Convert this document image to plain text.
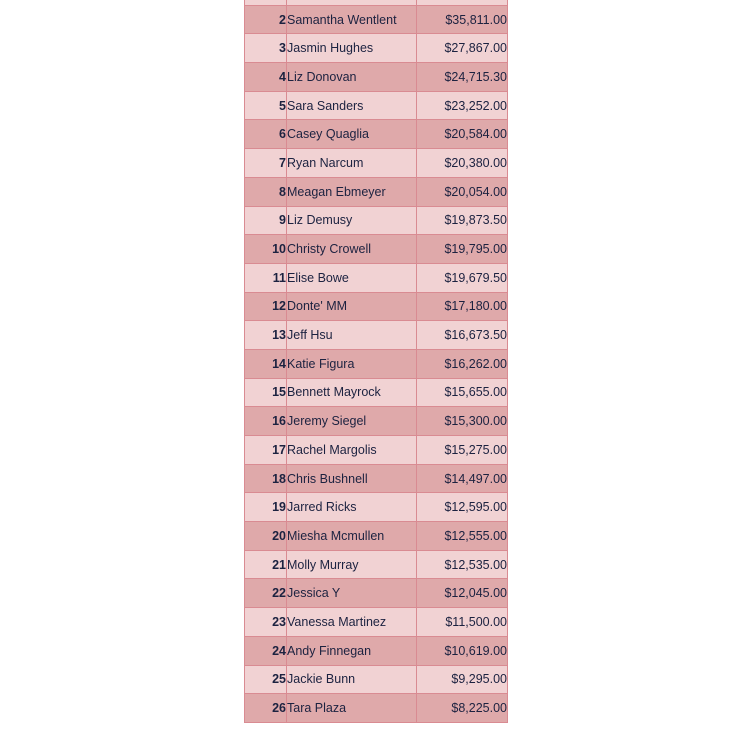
2	Samantha Wentlent	$35,811.00
3	Jasmin Hughes	$27,867.00
4	Liz Donovan	$24,715.30
5	Sara Sanders	$23,252.00
6	Casey Quaglia	$20,584.00
7	Ryan Narcum	$20,380.00
8	Meagan Ebmeyer	$20,054.00
9	Liz Demusy	$19,873.50
10	Christy Crowell	$19,795.00
11	Elise Bowe	$19,679.50
12	Donte' MM	$17,180.00
13	Jeff Hsu	$16,673.50
14	Katie Figura	$16,262.00
15	Bennett Mayrock	$15,655.00
16	Jeremy Siegel	$15,300.00
17	Rachel Margolis	$15,275.00
18	Chris Bushnell	$14,497.00
19	Jarred Ricks	$12,595.00
20	Miesha Mcmullen	$12,555.00
21	Molly Murray	$12,535.00
22	Jessica Y	$12,045.00
23	Vanessa Martinez	$11,500.00
24	Andy Finnegan	$10,619.00
25	Jackie Bunn	$9,295.00
26	Tara Plaza	$8,225.00
